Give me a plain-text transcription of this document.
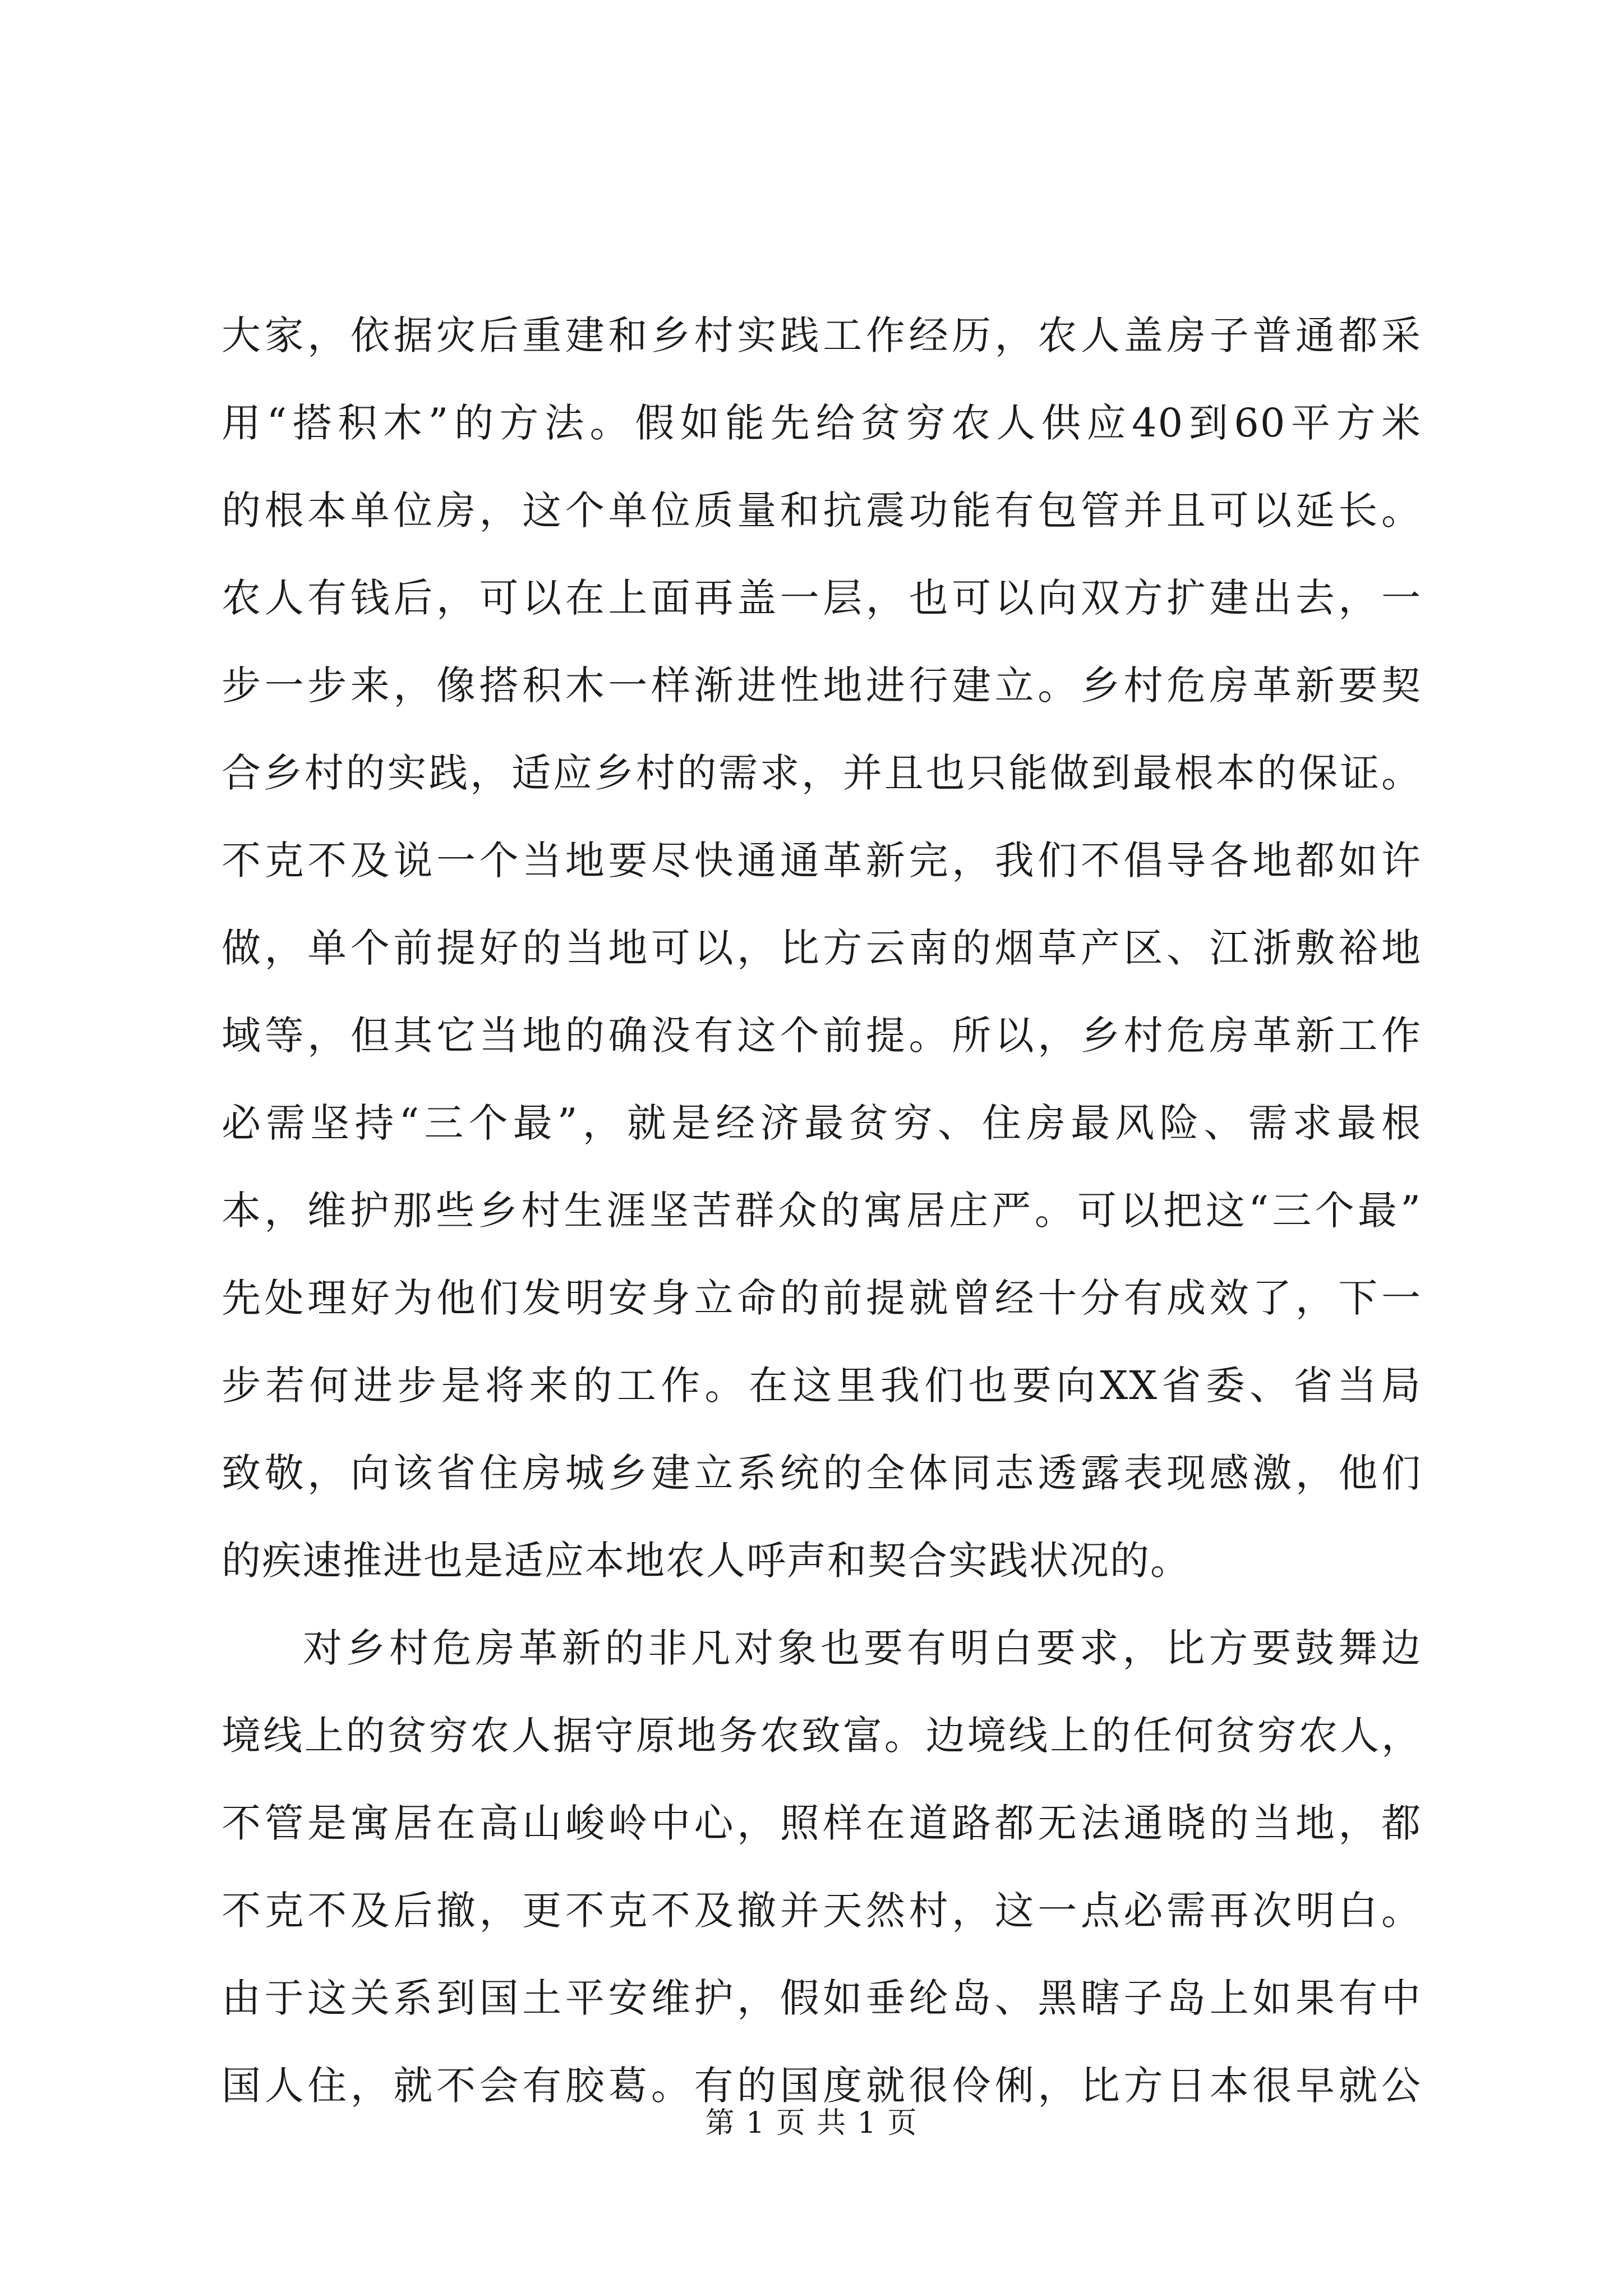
大家，依据灾后重建和乡村实践工作经历，农人盖房子普通都采
用“搭积木”的方法。假如能先给贫穷农人供应40到60平方米
的根本单位房，这个单位质量和抗震功能有包管并且可以延长。
农人有钱后，可以在上面再盖一层，也可以向双方扩建出去，一
步一步来，像搭积木一样渐进性地进行建立。乡村危房革新要契
合乡村的实践，适应乡村的需求，并且也只能做到最根本的保证。
不克不及说一个当地要尽快通通革新完，我们不倡导各地都如许
做，单个前提好的当地可以，比方云南的烟草产区、江浙敷裕地
域等，但其它当地的确没有这个前提。所以，乡村危房革新工作
必需坚持“三个最”，就是经济最贫穷、住房最风险、需求最根
本，维护那些乡村生涯坚苦群众的寓居庄严。可以把这“三个最”
先处理好为他们发明安身立命的前提就曾经十分有成效了，下一
步若何进步是将来的工作。在这里我们也要向XX省委、省当局
致敬，向该省住房城乡建立系统的全体同志透露表现感激，他们
的疾速推进也是适应本地农人呼声和契合实践状况的。
对乡村危房革新的非凡对象也要有明白要求，比方要鼓舞边
境线上的贫穷农人据守原地务农致富。边境线上的任何贫穷农人，
不管是寓居在高山峻岭中心，照样在道路都无法通晓的当地，都
不克不及后撤，更不克不及撤并天然村，这一点必需再次明白。
由于这关系到国土平安维护，假如垂纶岛、黑瞎子岛上如果有中
国人住，就不会有胶葛。有的国度就很伶俐，比方日本很早就公
第 1 页 共 1 页
